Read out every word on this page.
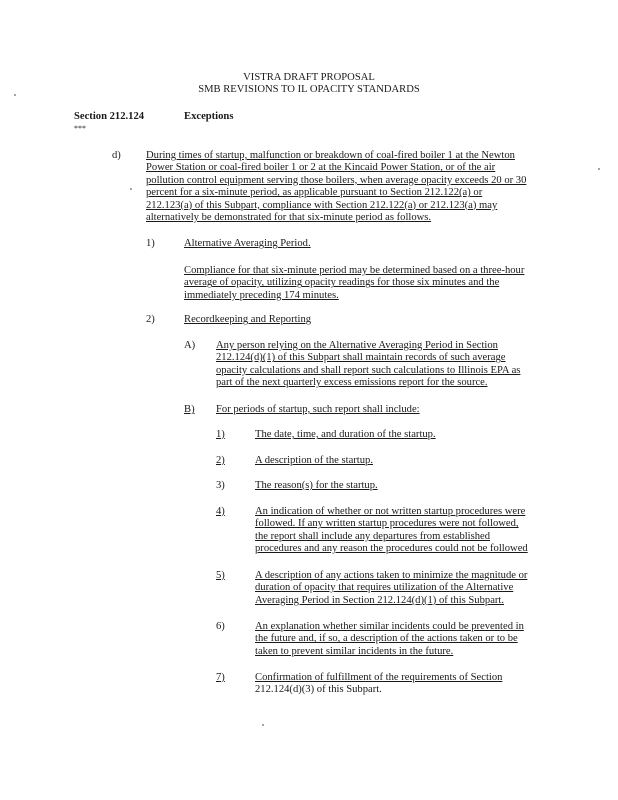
VISTRA DRAFT PROPOSAL
SMB REVISIONS TO IL OPACITY STANDARDS
Section 212.124	Exceptions
***
d) During times of startup, malfunction or breakdown of coal-fired boiler 1 at the Newton
Power Station or coal-fired boiler 1 or 2 at the Kincaid Power Station, or of the air
pollution control equipment serving those boilers, when average opacity exceeds 20 or 30
percent for a six-minute period, as applicable pursuant to Section 212.122(a) or
212.123(a) of this Subpart, compliance with Section 212.122(a) or 212.123(a) may
alternatively be demonstrated for that six-minute period as follows.
1)	Alternative Averaging Period.
Compliance for that six-minute period may be determined based on a three-hour
average of opacity, utilizing opacity readings for those six minutes and the
immediately preceding 174 minutes.
2)	Recordkeeping and Reporting
A) Any person relying on the Alternative Averaging Period in Section
212.124(d)(1) of this Subpart shall maintain records of such average
opacity calculations and shall report such calculations to Illinois EPA as
part of the next quarterly excess emissions report for the source.
B) For periods of startup, such report shall include:
1)	The date, time, and duration of the startup.
2)	A description of the startup.
3)	The reason(s) for the startup.
4)	An indication of whether or not written startup procedures were
followed. If any written startup procedures were not followed,
the report shall include any departures from established
procedures and any reason the procedures could not be followed
5)	A description of any actions taken to minimize the magnitude or
duration of opacity that requires utilization of the Alternative
Averaging Period in Section 212.124(d)(1) of this Subpart.
6)	An explanation whether similar incidents could be prevented in
the future and, if so, a description of the actions taken or to be
taken to prevent similar incidents in the future.
7)	Confirmation of fulfillment of the requirements of Section
212.124(d)(3) of this Subpart.
